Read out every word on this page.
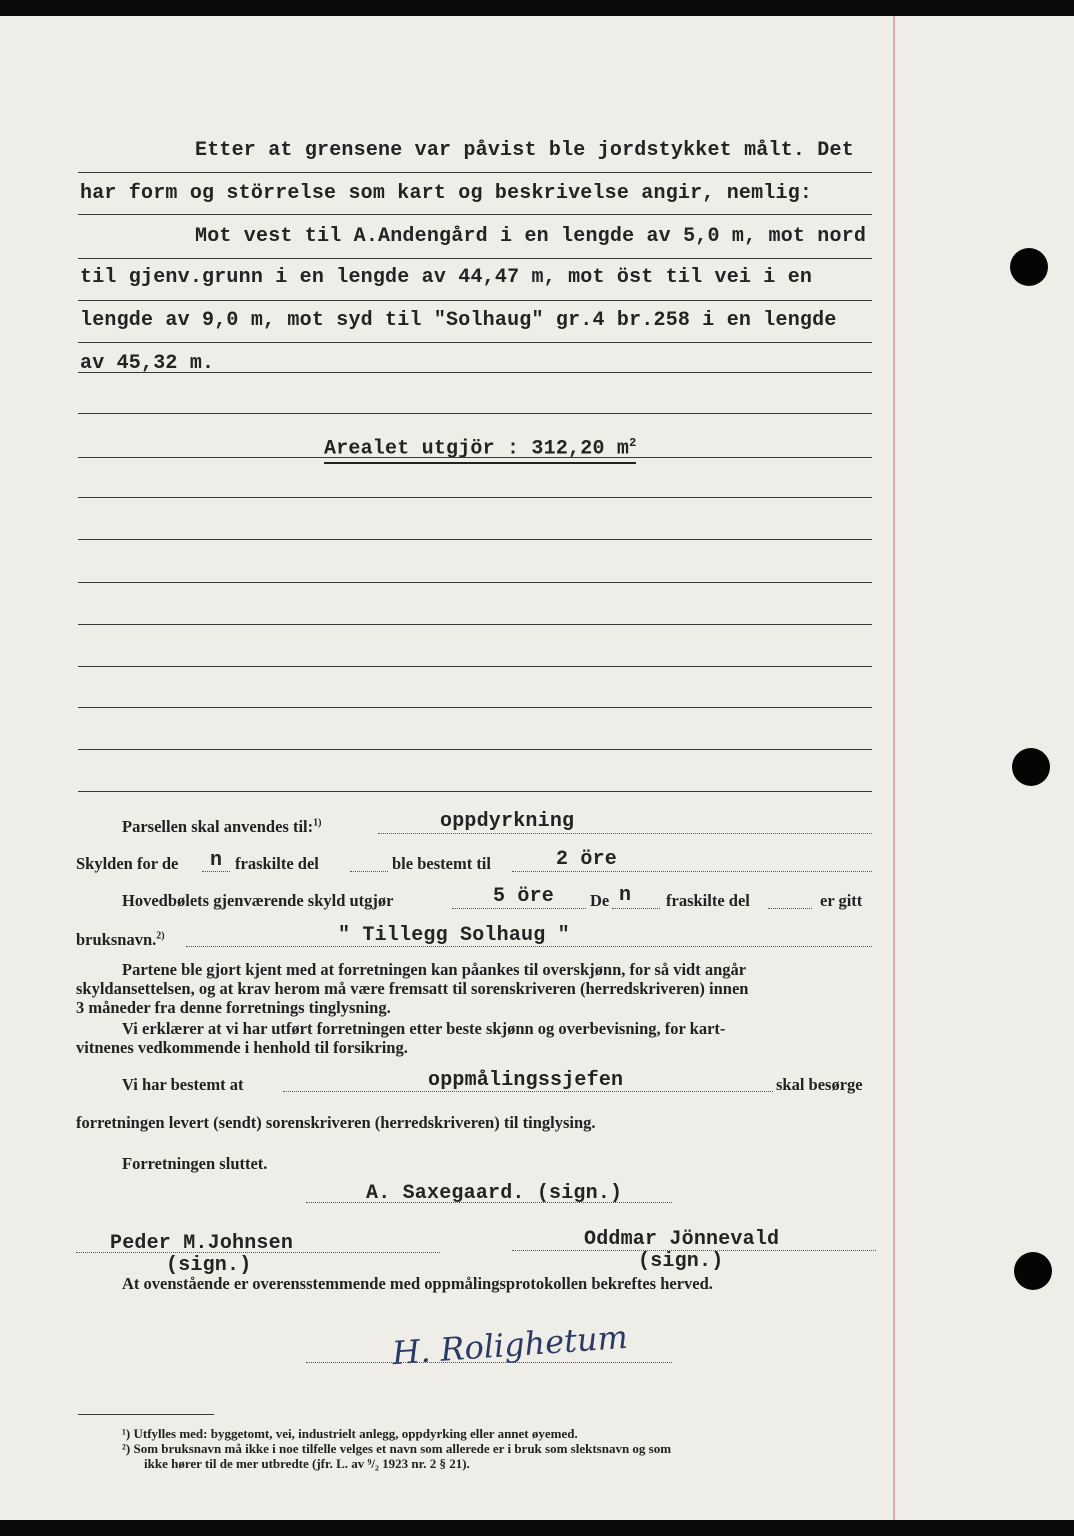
Etter at grensene var påvist ble jordstykket målt. Det
har form og störrelse som kart og beskrivelse angir, nemlig:
Mot vest til A.Andengård i en lengde av 5,0 m, mot nord
til gjenv.grunn i en lengde av 44,47 m, mot öst til vei i en
lengde av 9,0 m, mot syd til "Solhaug" gr.4 br.258 i en lengde
av 45,32 m.
Arealet utgjör : 312,20 $m^2$
Parsellen skal anvendes til:$^{1)}$	oppdyrkning
Skylden for de n fraskilte del	ble bestemt til	2 öre
Hovedbølets gjenværende skyld utgjør	5 öre De n fraskilte del	er gitt
bruksnavn.$^{2)}$	" Tillegg Solhaug "
Partene ble gjort kjent med at forretningen kan påankes til overskjønn, for så vidt angår
skyldansettelsen, og at krav herom må være fremsatt til sorenskriveren (herredskriveren) innen
3 måneder fra denne forretnings tinglysning.
Vi erklærer at vi har utført forretningen etter beste skjønn og overbevisning, for kart-
vitnenes vedkommende i henhold til forsikring.
Vi har bestemt at	oppmålingssjefen	skal besørge
forretningen levert (sendt) sorenskriveren (herredskriveren) til tinglysing.
Forretningen sluttet.
A. Saxegaard. (sign.)
Peder M.Johnsen
(sign.)
Oddmar Jönnevald
(sign.)
At ovenstående er overensstemmende med oppmålingsprotokollen bekreftes herved.
H. Rolighetum
¹) Utfylles med: byggetomt, vei, industrielt anlegg, oppdyrking eller annet øyemed.
²) Som bruksnavn må ikke i noe tilfelle velges et navn som allerede er i bruk som slektsnavn og som
ikke hører til de mer utbredte (jfr. L. av ⁹/₂ 1923 nr. 2 § 21).
